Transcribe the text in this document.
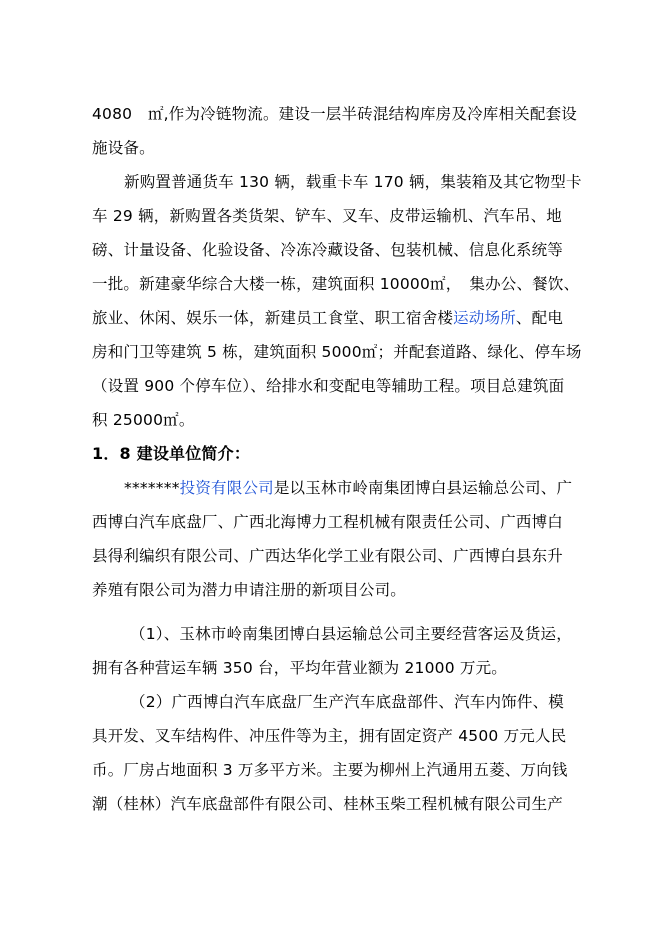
4080　㎡,作为冷链物流。建设一层半砖混结构库房及冷库相关配套设
施设备。
新购置普通货车 130 辆，载重卡车 170 辆，集装箱及其它物型卡
车 29 辆，新购置各类货架、铲车、叉车、皮带运输机、汽车吊、地
磅、计量设备、化验设备、冷冻冷藏设备、包装机械、信息化系统等
一批。新建豪华综合大楼一栋，建筑面积 10000㎡，　集办公、餐饮、
旅业、休闲、娱乐一体，新建员工食堂、职工宿舍楼运动场所、配电
房和门卫等建筑 5 栋，建筑面积 5000㎡；并配套道路、绿化、停车场
（设置 900 个停车位）、给排水和变配电等辅助工程。项目总建筑面
积 25000㎡。
1．8 建设单位简介：
*******投资有限公司是以玉林市岭南集团博白县运输总公司、广
西博白汽车底盘厂、广西北海博力工程机械有限责任公司、广西博白
县得利编织有限公司、广西达华化学工业有限公司、广西博白县东升
养殖有限公司为潜力申请注册的新项目公司。
（1）、玉林市岭南集团博白县运输总公司主要经营客运及货运，
拥有各种营运车辆 350 台，平均年营业额为 21000 万元。
（2）广西博白汽车底盘厂生产汽车底盘部件、汽车内饰件、模
具开发、叉车结构件、冲压件等为主，拥有固定资产 4500 万元人民
币。厂房占地面积 3 万多平方米。主要为柳州上汽通用五菱、万向钱
潮（桂林）汽车底盘部件有限公司、桂林玉柴工程机械有限公司生产
